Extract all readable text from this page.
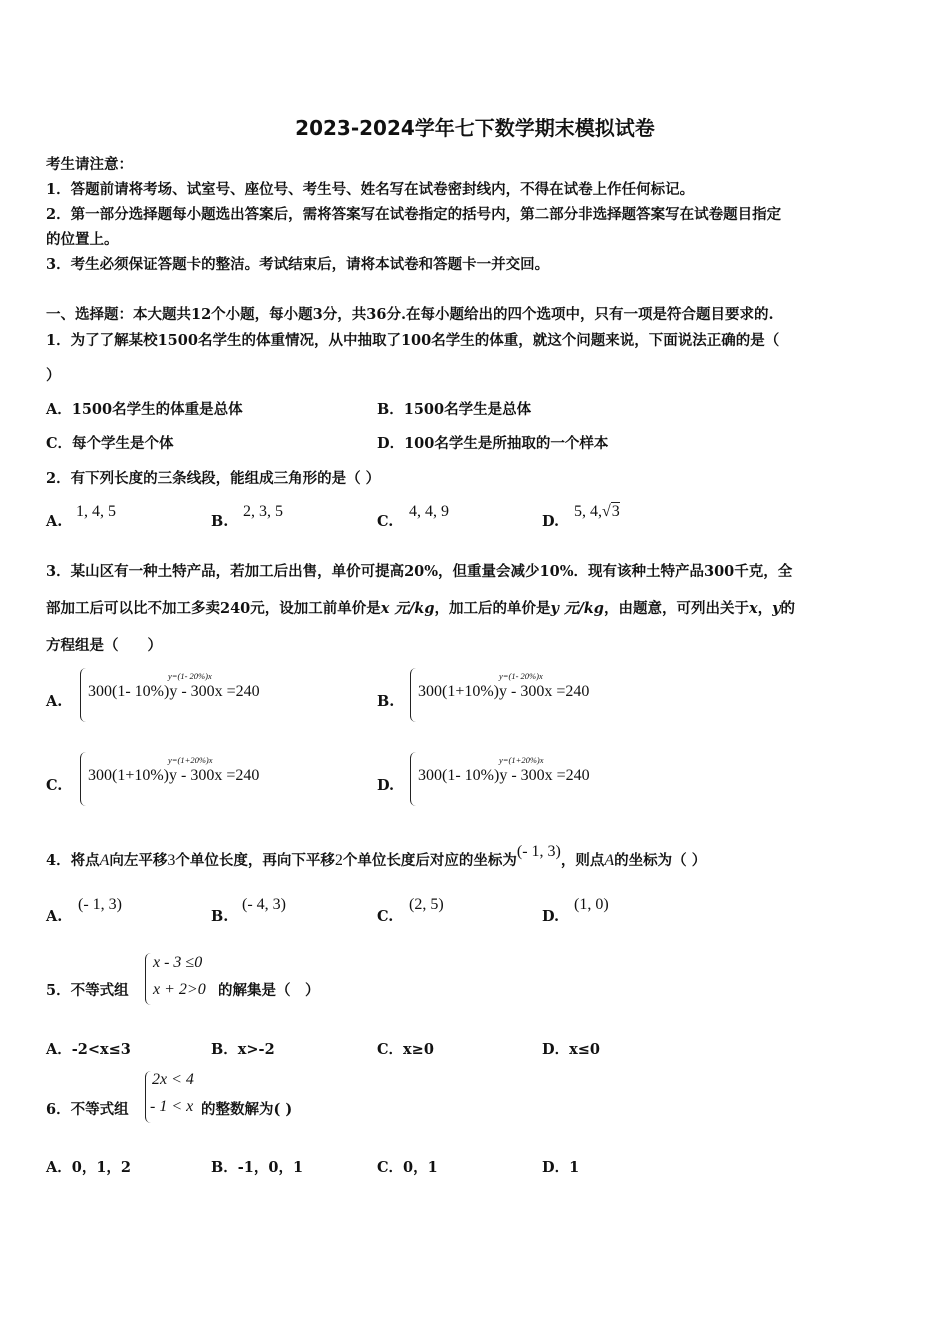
2023-2024学年七下数学期末模拟试卷
考生请注意：
1．答题前请将考场、试室号、座位号、考生号、姓名写在试卷密封线内，不得在试卷上作任何标记。
2．第一部分选择题每小题选出答案后，需将答案写在试卷指定的括号内，第二部分非选择题答案写在试卷题目指定
的位置上。
3．考生必须保证答题卡的整洁。考试结束后，请将本试卷和答题卡一并交回。
一、选择题：本大题共12个小题，每小题3分，共36分.在每小题给出的四个选项中，只有一项是符合题目要求的.
1．为了了解某校1500名学生的体重情况，从中抽取了100名学生的体重，就这个问题来说，下面说法正确的是（
）
A．1500名学生的体重是总体	B．1500名学生是总体
C．每个学生是个体	D．100名学生是所抽取的一个样本
2．有下列长度的三条线段，能组成三角形的是（ ）
A.
1, 4, 5
B.
2, 3, 5
C.
4, 4, 9
D.
5, 4,√3
3．某山区有一种土特产品，若加工后出售，单价可提高20%，但重量会减少10%．现有该种土特产品300千克，全
部加工后可以比不加工多卖240元，设加工前单价是x 元/kg，加工后的单价是y 元/kg，由题意，可列出关于x，y的
方程组是（　　）
A.
y=(1- 20%)x
300(1- 10%)y - 300x =240
B.
y=(1- 20%)x
300(1+10%)y - 300x =240
C.
y=(1+20%)x
300(1+10%)y - 300x =240
D.
y=(1+20%)x
300(1- 10%)y - 300x =240
4．将点A向左平移3个单位长度，再向下平移2个单位长度后对应的坐标为(- 1, 3)，则点A的坐标为（ ）
A.
(- 1, 3)
B.
(- 4, 3)
C.
(2, 5)
D.
(1, 0)
5．不等式组
x - 3 ≤0
x + 2>0 的解集是（　）
A．-2<x≤3	B．x>-2	C．x≥0	D．x≤0
6．不等式组
2x < 4
- 1 < x 的整数解为( )
A．0，1，2	B．-1，0，1	C．0，1	D．1
